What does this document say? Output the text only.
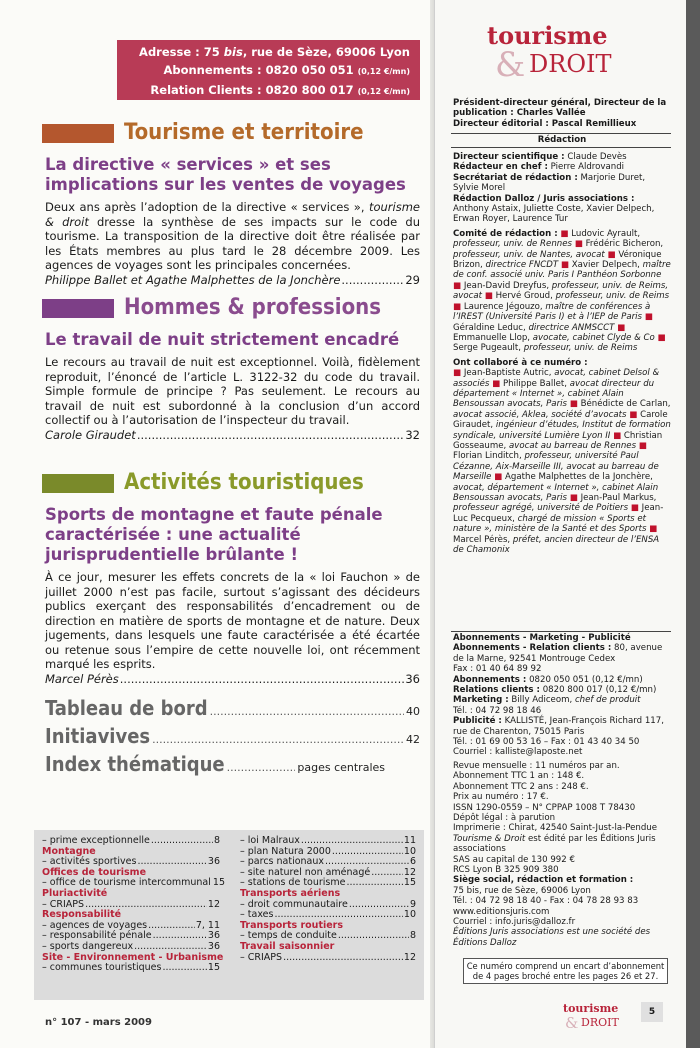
Adresse : 75 bis, rue de Sèze, 69006 Lyon
Abonnements : 0820 050 051 (0,12 €/mn)
Relation Clients : 0820 800 017 (0,12 €/mn)
Tourisme et territoire
La directive « services » et ses implications sur les ventes de voyages
Deux ans après l’adoption de la directive « services », tourisme & droit dresse la synthèse de ses impacts sur le code du tourisme. La transposition de la directive doit être réalisée par les États membres au plus tard le 28 décembre 2009. Les agences de voyages sont les principales concernées.
Philippe Ballet et Agathe Malphettes de la Jonchère .....	29
Hommes & professions
Le travail de nuit strictement encadré
Le recours au travail de nuit est exceptionnel. Voilà, fidèlement reproduit, l’énoncé de l’article L. 3122-32 du code du travail. Simple formule de principe ? Pas seulement. Le recours au travail de nuit est subordonné à la conclusion d’un accord collectif ou à l’autorisation de l’inspecteur du travail.
Carole Giraudet .....	32
Activités touristiques
Sports de montagne et faute pénale caractérisée : une actualité jurisprudentielle brûlante !
À ce jour, mesurer les effets concrets de la « loi Fauchon » de juillet 2000 n’est pas facile, surtout s’agissant des décideurs publics exerçant des responsabilités d’encadrement ou de direction en matière de sports de montagne et de nature. Deux jugements, dans lesquels une faute caractérisée a été écartée ou retenue sous l’empire de cette nouvelle loi, ont récemment marqué les esprits.
Marcel Pérès .....	36
Tableau de bord .....	40
Initiavives .....	42
Index thématique .....	pages centrales
– prime exceptionnelle .....	8
Montagne
– activités sportives .....	36
Offices de tourisme
– office de tourisme intercommunal 15
Pluriactivité
– CRIAPS .....	12
Responsabilité
– agences de voyages .....	7, 11
– responsabilité pénale .....	36
– sports dangereux .....	36
Site - Environnement - Urbanisme
– communes touristiques .....	15
– loi Malraux .....	11
– plan Natura 2000 .....	10
– parcs nationaux .....	6
– site naturel non aménagé .....	12
– stations de tourisme .....	15
Transports aériens
– droit communautaire .....	9
– taxes .....	10
Transports routiers
– temps de conduite .....	8
Travail saisonnier
– CRIAPS .....	12
n° 107 - mars 2009
tourisme
& DROIT
Président-directeur général, Directeur de la publication : Charles Vallée
Directeur éditorial : Pascal Remillieux
Rédaction
Directeur scientifique : Claude Devès
Rédacteur en chef : Pierre Aldrovandi
Secrétariat de rédaction : Marjorie Duret, Sylvie Morel
Rédaction Dalloz / Juris associations :
Anthony Astaix, Juliette Coste, Xavier Delpech, Erwan Royer, Laurence Tur
Comité de rédaction : ■ Ludovic Ayrault, professeur, univ. de Rennes ■ Frédéric Bicheron, professeur, univ. de Nantes, avocat ■ Véronique Brizon, directrice FNCDT ■ Xavier Delpech, maître de conf. associé univ. Paris I Panthéon Sorbonne ■ Jean-David Dreyfus, professeur, univ. de Reims, avocat ■ Hervé Groud, professeur, univ. de Reims ■ Laurence Jégouzo, maître de conférences à l’IREST (Université Paris I) et à l’IEP de Paris ■ Géraldine Leduc, directrice ANMSCCT ■ Emmanuelle Llop, avocate, cabinet Clyde & Co ■ Serge Pugeault, professeur, univ. de Reims
Ont collaboré à ce numéro :
■ Jean-Baptiste Autric, avocat, cabinet Delsol & associés ■ Philippe Ballet, avocat directeur du département « Internet », cabinet Alain Bensoussan avocats, Paris ■ Bénédicte de Carlan, avocat associé, Aklea, société d’avocats ■ Carole Giraudet, ingénieur d’études, Institut de formation syndicale, université Lumière Lyon II ■ Christian Gosseaume, avocat au barreau de Rennes ■ Florian Linditch, professeur, université Paul Cézanne, Aix-Marseille III, avocat au barreau de Marseille ■ Agathe Malphettes de la Jonchère, avocat, département « Internet », cabinet Alain Bensoussan avocats, Paris ■ Jean-Paul Markus, professeur agrégé, université de Poitiers ■ Jean-Luc Pecqueux, chargé de mission « Sports et nature », ministère de la Santé et des Sports ■ Marcel Pérès, préfet, ancien directeur de l’ENSA de Chamonix
Abonnements - Marketing - Publicité
Abonnements - Relation clients : 80, avenue de la Marne, 92541 Montrouge Cedex
Fax : 01 40 64 89 92
Abonnements : 0820 050 051 (0,12 €/mn)
Relations clients : 0820 800 017 (0,12 €/mn)
Marketing : Billy Adiceom, chef de produit
Tél. : 04 72 98 18 46
Publicité : KALLISTÉ, Jean-François Richard 117, rue de Charenton, 75015 Paris
Tél. : 01 69 00 53 16 – Fax : 01 43 40 34 50
Courriel : kalliste@laposte.net
Revue mensuelle : 11 numéros par an.
Abonnement TTC 1 an : 148 €.
Abonnement TTC 2 ans : 248 €.
Prix au numéro : 17 €.
ISSN 1290-0559 – N° CPPAP 1008 T 78430
Dépôt légal : à parution
Imprimerie : Chirat, 42540 Saint-Just-la-Pendue
Tourisme & Droit est édité par les Éditions Juris associations
SAS au capital de 130 992 €
RCS Lyon B 325 909 380
Siège social, rédaction et formation :
75 bis, rue de Sèze, 69006 Lyon
Tél. : 04 72 98 18 40 - Fax : 04 78 28 93 83
www.editionsjuris.com
Courriel : info.juris@dalloz.fr
Éditions Juris associations est une société des Éditions Dalloz
Ce numéro comprend un encart d’abonnement de 4 pages broché entre les pages 26 et 27.
tourisme
& DROIT
5
